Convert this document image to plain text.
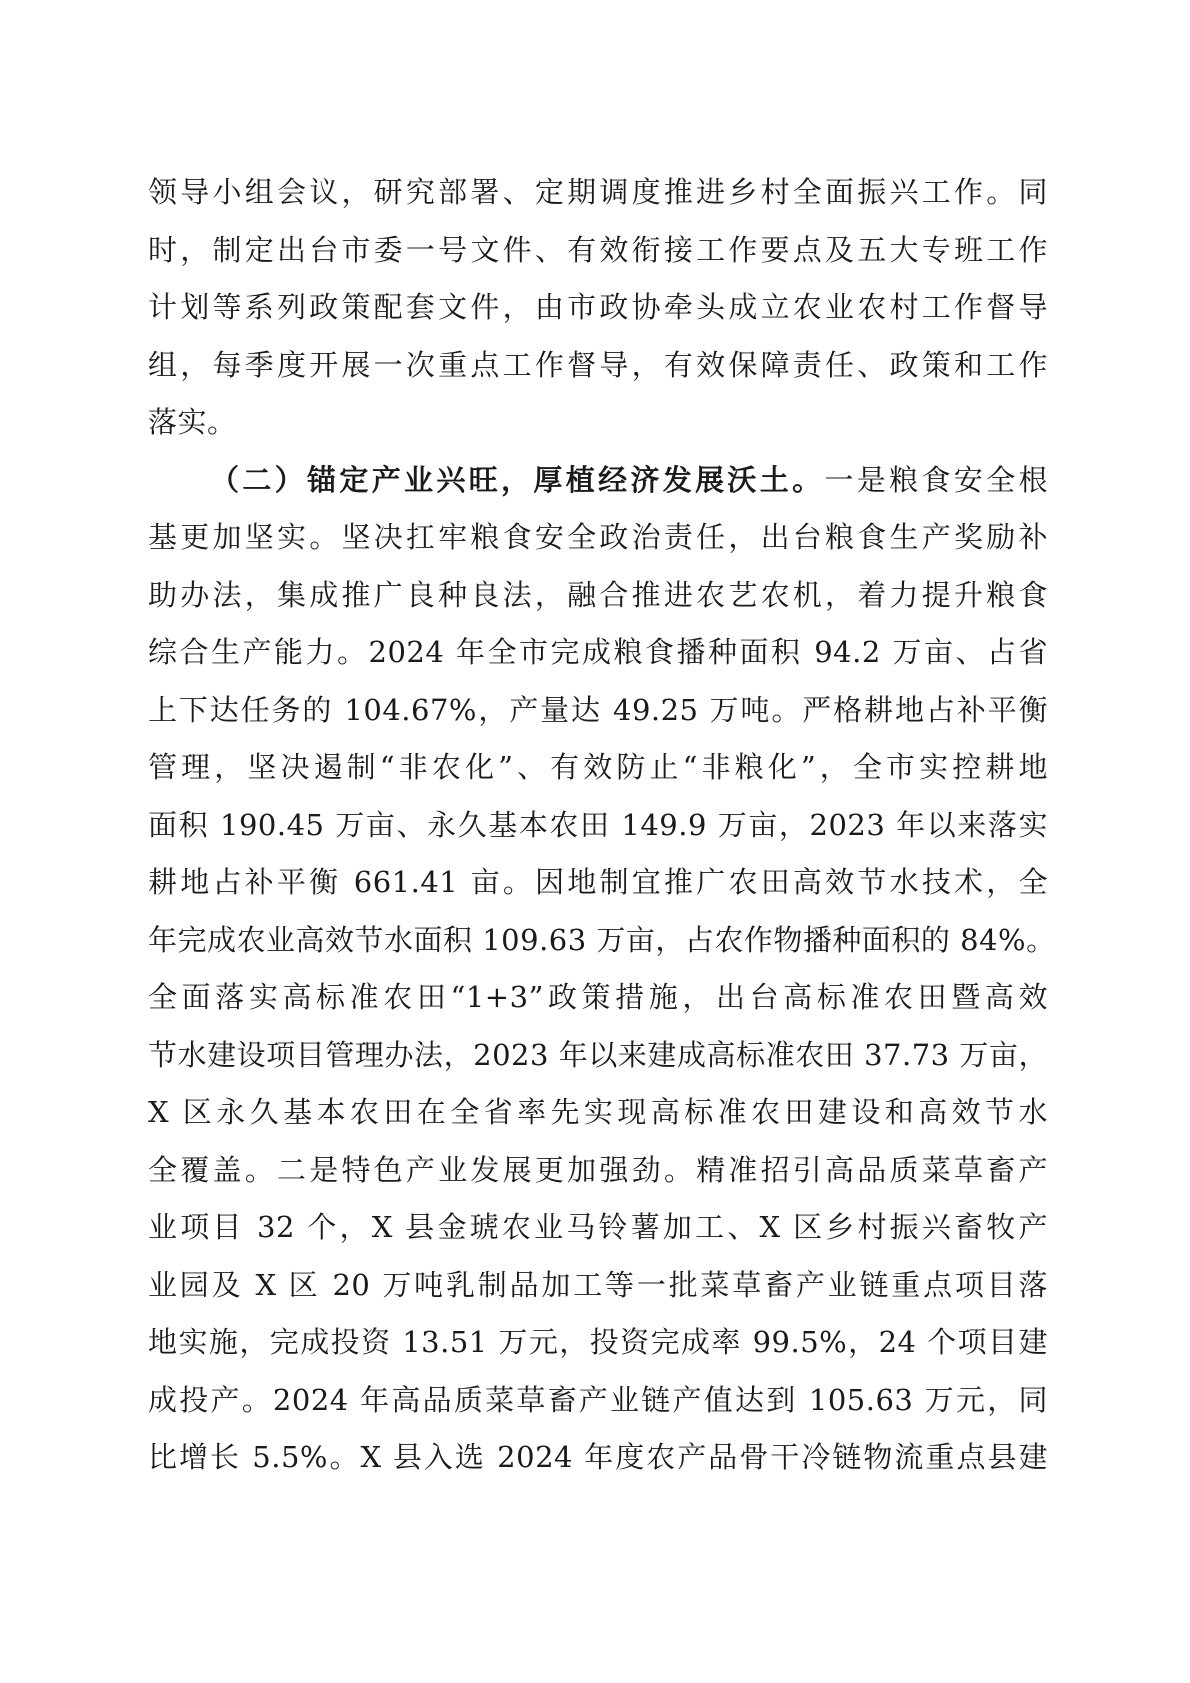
领导小组会议，研究部署、定期调度推进乡村全面振兴工作。同
时，制定出台市委一号文件、有效衔接工作要点及五大专班工作
计划等系列政策配套文件，由市政协牵头成立农业农村工作督导
组，每季度开展一次重点工作督导，有效保障责任、政策和工作
落实。
（二）锚定产业兴旺，厚植经济发展沃土。一是粮食安全根
基更加坚实。坚决扛牢粮食安全政治责任，出台粮食生产奖励补
助办法，集成推广良种良法，融合推进农艺农机，着力提升粮食
综合生产能力。2024 年全市完成粮食播种面积 94.2 万亩、占省
上下达任务的 104.67%，产量达 49.25 万吨。严格耕地占补平衡
管理，坚决遏制“非农化”、有效防止“非粮化”，全市实控耕地
面积 190.45 万亩、永久基本农田 149.9 万亩，2023 年以来落实
耕地占补平衡 661.41 亩。因地制宜推广农田高效节水技术，全
年完成农业高效节水面积 109.63 万亩，占农作物播种面积的 84%。
全面落实高标准农田“1+3”政策措施，出台高标准农田暨高效
节水建设项目管理办法，2023 年以来建成高标准农田 37.73 万亩，
X 区永久基本农田在全省率先实现高标准农田建设和高效节水
全覆盖。二是特色产业发展更加强劲。精准招引高品质菜草畜产
业项目 32 个，X 县金琥农业马铃薯加工、X 区乡村振兴畜牧产
业园及 X 区 20 万吨乳制品加工等一批菜草畜产业链重点项目落
地实施，完成投资 13.51 万元，投资完成率 99.5%，24 个项目建
成投产。2024 年高品质菜草畜产业链产值达到 105.63 万元，同
比增长 5.5%。X 县入选 2024 年度农产品骨干冷链物流重点县建
